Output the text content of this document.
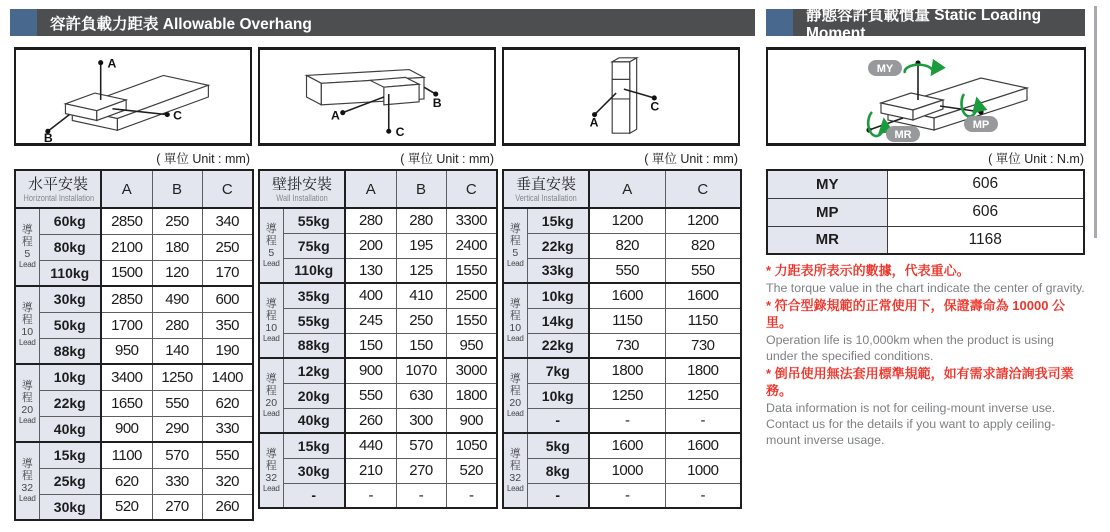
容許負載力距表 Allowable Overhang
靜態容許負載慣量 Static Loading Moment
A
B
C
( 單位 Unit : mm)
水平安裝
Horizontal Installation		A	B	C

導
程
5
Lead	60kg	2850	250	340
	80kg	2100	180	250
	110kg	1500	120	170

導
程
10
Lead	30kg	2850	490	600
	50kg	1700	280	350
	88kg	950	140	190

導
程
20
Lead	10kg	3400	1250	1400
	22kg	1650	550	620
	40kg	900	290	330

導
程
32
Lead	15kg	1100	570	550
	25kg	620	330	320
	30kg	520	270	260
B
A
C
( 單位 Unit : mm)
壁掛安裝
Wall Installation		A	B	C

導
程
5
Lead	55kg	280	280	3300
	75kg	200	195	2400
	110kg	130	125	1550

導
程
10
Lead	35kg	400	410	2500
	55kg	245	250	1550
	88kg	150	150	950

導
程
20
Lead	12kg	900	1070	3000
	20kg	550	630	1800
	40kg	260	300	900

導
程
32
Lead	15kg	440	570	1050
	30kg	210	270	520
	-	-	-	-
A
C
( 單位 Unit : mm)
垂直安裝
Vertical Installation		A	C

導
程
5
Lead	15kg	1200	1200
	22kg	820	820
	33kg	550	550

導
程
10
Lead	10kg	1600	1600
	14kg	1150	1150
	22kg	730	730

導
程
20
Lead	7kg	1800	1800
	10kg	1250	1250
	-	-	-

導
程
32
Lead	5kg	1600	1600
	8kg	1000	1000
	-	-	-
MY
MP
MR
( 單位 Unit : N.m)
MY	606
MP	606
MR	1168
* 力距表所表示的數據，代表重心。
The torque value in the chart indicate the center of gravity.
* 符合型錄規範的正常使用下，保證壽命為 10000 公里。
Operation life is 10,000km when the product is using under the specified conditions.
* 倒吊使用無法套用標準規範，如有需求請洽詢我司業務。
Data information is not for ceiling-mount inverse use.
Contact us for the details if you want to apply ceiling-mount inverse usage.
